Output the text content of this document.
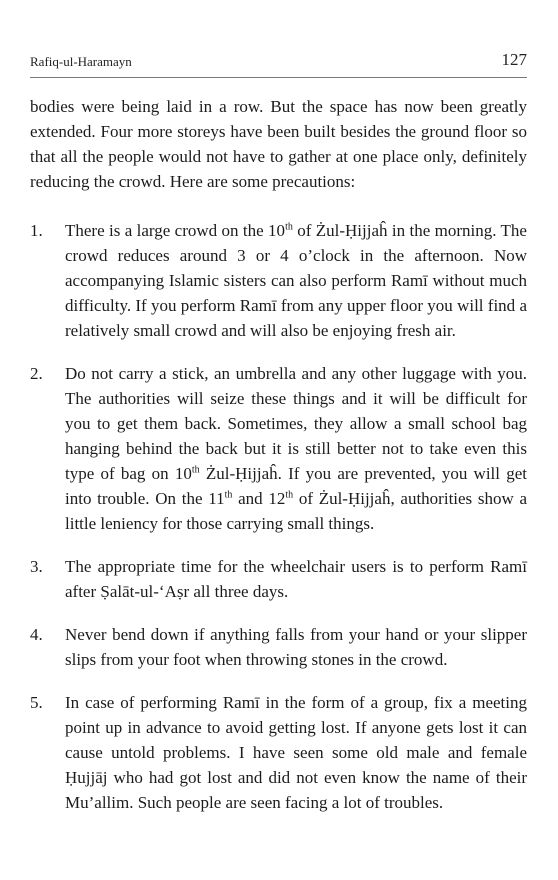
Rafiq-ul-Haramayn	127

bodies were being laid in a row. But the space has now been greatly extended. Four more storeys have been built besides the ground floor so that all the people would not have to gather at one place only, definitely reducing the crowd. Here are some precautions:

1.	There is a large crowd on the 10th of Żul-Ḥijjaĥ in the morning. The crowd reduces around 3 or 4 o’clock in the afternoon. Now accompanying Islamic sisters can also perform Ramī without much difficulty. If you perform Ramī from any upper floor you will find a relatively small crowd and will also be enjoying fresh air.
2.	Do not carry a stick, an umbrella and any other luggage with you. The authorities will seize these things and it will be difficult for you to get them back. Sometimes, they allow a small school bag hanging behind the back but it is still better not to take even this type of bag on 10th Żul-Ḥijjaĥ. If you are prevented, you will get into trouble. On the 11th and 12th of Żul-Ḥijjaĥ, authorities show a little leniency for those carrying small things.
3.	The appropriate time for the wheelchair users is to perform Ramī after Ṣalāt-ul-‘Aṣr all three days.
4.	Never bend down if anything falls from your hand or your slipper slips from your foot when throwing stones in the crowd.
5.	In case of performing Ramī in the form of a group, fix a meeting point up in advance to avoid getting lost. If anyone gets lost it can cause untold problems. I have seen some old male and female Ḥujjāj who had got lost and did not even know the name of their Mu’allim. Such people are seen facing a lot of troubles.
